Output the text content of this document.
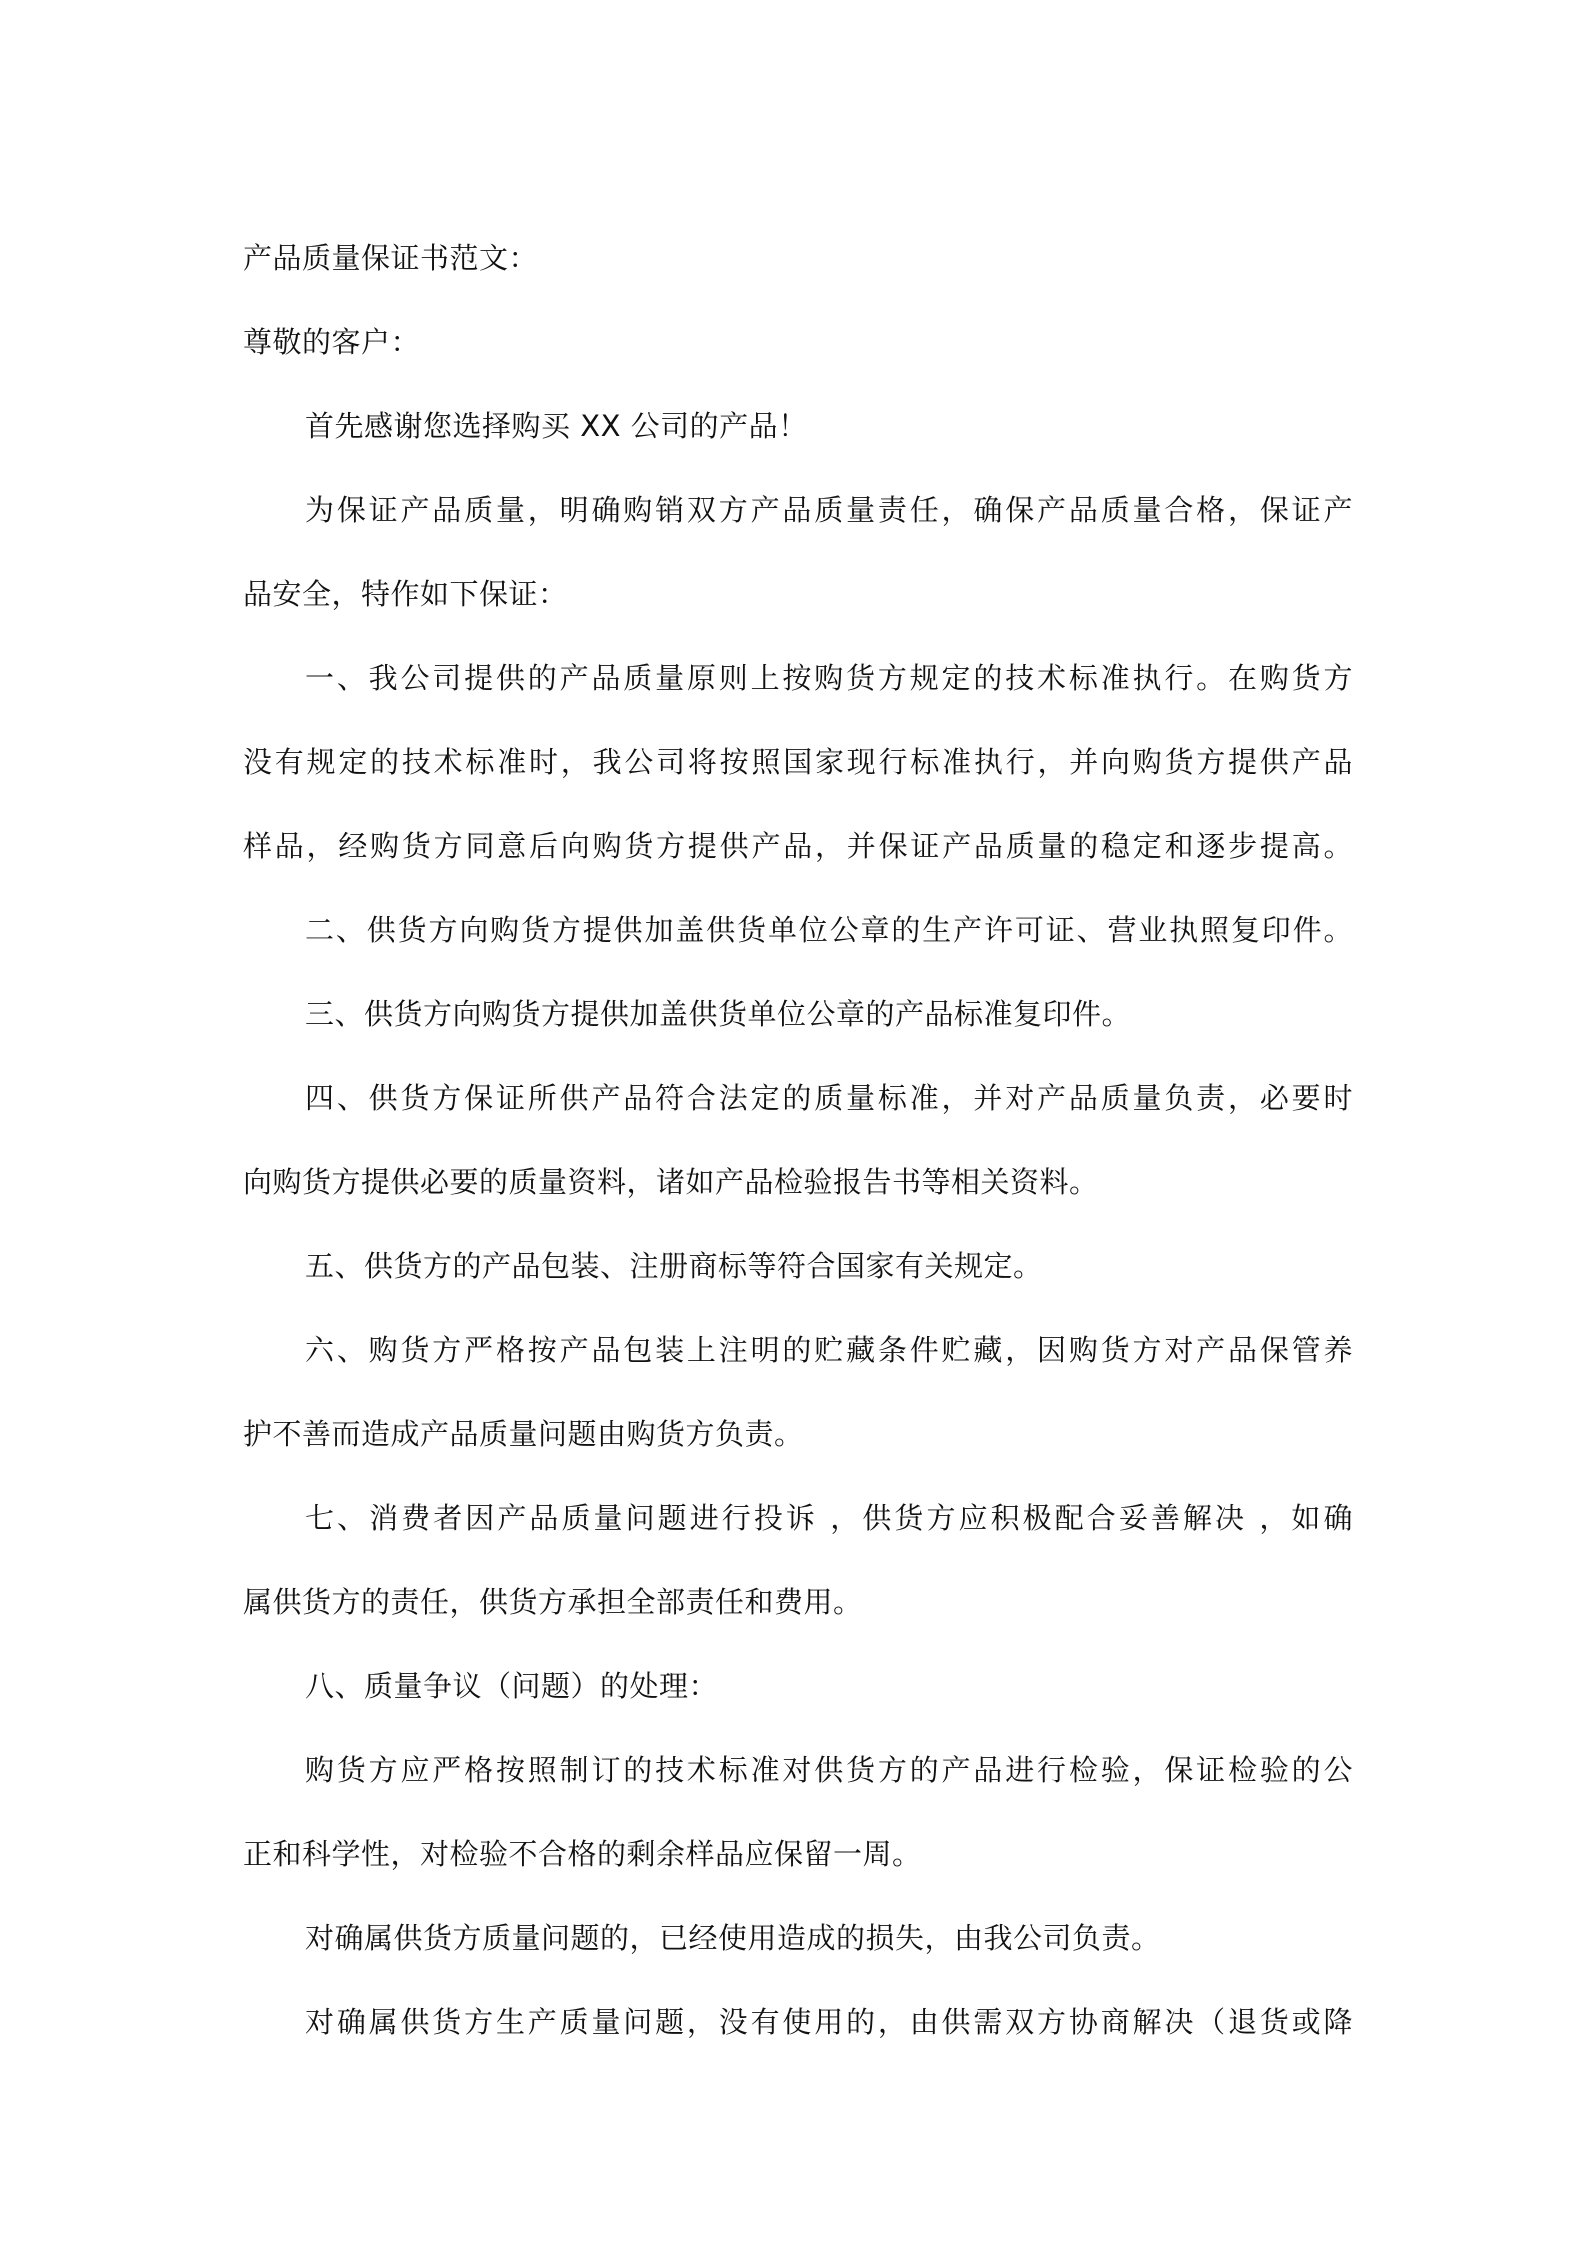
产品质量保证书范文：
尊敬的客户：
首先感谢您选择购买 XX 公司的产品！
为保证产品质量，明确购销双方产品质量责任，确保产品质量合格，保证产
品安全，特作如下保证：
一、我公司提供的产品质量原则上按购货方规定的技术标准执行。在购货方
没有规定的技术标准时，我公司将按照国家现行标准执行，并向购货方提供产品
样品，经购货方同意后向购货方提供产品，并保证产品质量的稳定和逐步提高。
二、供货方向购货方提供加盖供货单位公章的生产许可证、营业执照复印件。
三、供货方向购货方提供加盖供货单位公章的产品标准复印件。
四、供货方保证所供产品符合法定的质量标准，并对产品质量负责，必要时
向购货方提供必要的质量资料，诸如产品检验报告书等相关资料。
五、供货方的产品包装、注册商标等符合国家有关规定。
六、购货方严格按产品包装上注明的贮藏条件贮藏，因购货方对产品保管养
护不善而造成产品质量问题由购货方负责。
七、消费者因产品质量问题进行投诉 ，供货方应积极配合妥善解决 ，如确
属供货方的责任，供货方承担全部责任和费用。
八、质量争议（问题）的处理：
购货方应严格按照制订的技术标准对供货方的产品进行检验，保证检验的公
正和科学性，对检验不合格的剩余样品应保留一周。
对确属供货方质量问题的，已经使用造成的损失，由我公司负责。
对确属供货方生产质量问题，没有使用的，由供需双方协商解决（退货或降
